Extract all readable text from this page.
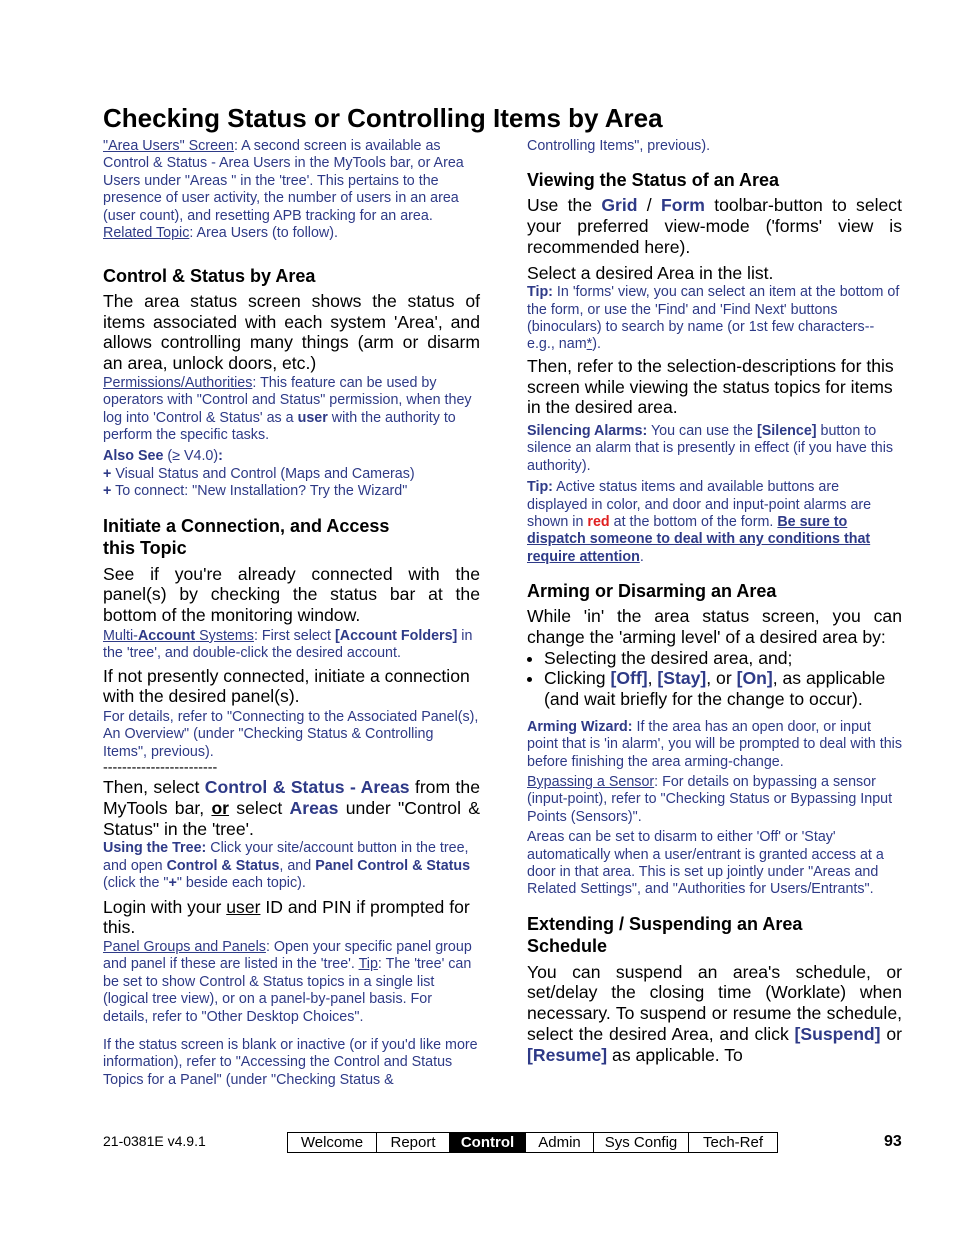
Checking Status or Controlling Items by Area

"Area Users" Screen: A second screen is available as Control & Status - Area Users in the MyTools bar, or Area Users under "Areas " in the 'tree'. This pertains to the presence of user activity, the number of users in an area (user count), and resetting APB tracking for an area. Related Topic: Area Users (to follow).

Control & Status by Area

The area status screen shows the status of items associated with each system 'Area', and allows controlling many things (arm or disarm an area, unlock doors, etc.)

Permissions/Authorities: This feature can be used by operators with "Control and Status" permission, when they log into 'Control & Status' as a user with the authority to perform the specific tasks.

Also See (≥ V4.0):
+ Visual Status and Control (Maps and Cameras)
+ To connect: "New Installation? Try the Wizard"

Initiate a Connection, and Access
this Topic

See if you're already connected with the panel(s) by checking the status bar at the bottom of the monitoring window.

Multi-Account Systems: First select [Account Folders] in the 'tree', and double-click the desired account.

If not presently connected, initiate a connection with the desired panel(s).

For details, refer to "Connecting to the Associated Panel(s), An Overview" (under "Checking Status & Controlling Items", previous).

------------------------

Then, select Control & Status - Areas from the MyTools bar, or select Areas under "Control & Status" in the 'tree'.

Using the Tree: Click your site/account button in the tree, and open Control & Status, and Panel Control & Status (click the "+" beside each topic).

Login with your user ID and PIN if prompted for this.

Panel Groups and Panels: Open your specific panel group and panel if these are listed in the 'tree'. Tip: The 'tree' can be set to show Control & Status topics in a single list (logical tree view), or on a panel-by-panel basis. For details, refer to "Other Desktop Choices".

If the status screen is blank or inactive (or if you'd like more information), refer to "Accessing the Control and Status Topics for a Panel" (under "Checking Status &

Controlling Items", previous).

Viewing the Status of an Area

Use the Grid / Form toolbar-button to select your preferred view-mode ('forms' view is recommended here).

Select a desired Area in the list.

Tip: In 'forms' view, you can select an item at the bottom of the form, or use the 'Find' and 'Find Next' buttons (binoculars) to search by name (or 1st few characters--e.g., nam*).

Then, refer to the selection-descriptions for this screen while viewing the status topics for items in the desired area.

Silencing Alarms: You can use the [Silence] button to silence an alarm that is presently in effect (if you have this authority).

Tip: Active status items and available buttons are displayed in color, and door and input-point alarms are shown in red at the bottom of the form. Be sure to dispatch someone to deal with any conditions that require attention.

Arming or Disarming an Area

While 'in' the area status screen, you can change the 'arming level' of a desired area by:

• Selecting the desired area, and;
• Clicking [Off], [Stay], or [On], as applicable (and wait briefly for the change to occur).

Arming Wizard: If the area has an open door, or input point that is 'in alarm', you will be prompted to deal with this before finishing the area arming-change.

Bypassing a Sensor: For details on bypassing a sensor (input-point), refer to "Checking Status or Bypassing Input Points (Sensors)".

Areas can be set to disarm to either 'Off' or 'Stay' automatically when a user/entrant is granted access at a door in that area. This is set up jointly under "Areas and Related Settings", and "Authorities for Users/Entrants".

Extending / Suspending an Area
Schedule

You can suspend an area's schedule, or set/delay the closing time (Worklate) when necessary. To suspend or resume the schedule, select the desired Area, and click [Suspend] or [Resume] as applicable. To

21-0381E v4.9.1	Welcome	Report	Control	Admin	Sys Config	Tech-Ref	93
